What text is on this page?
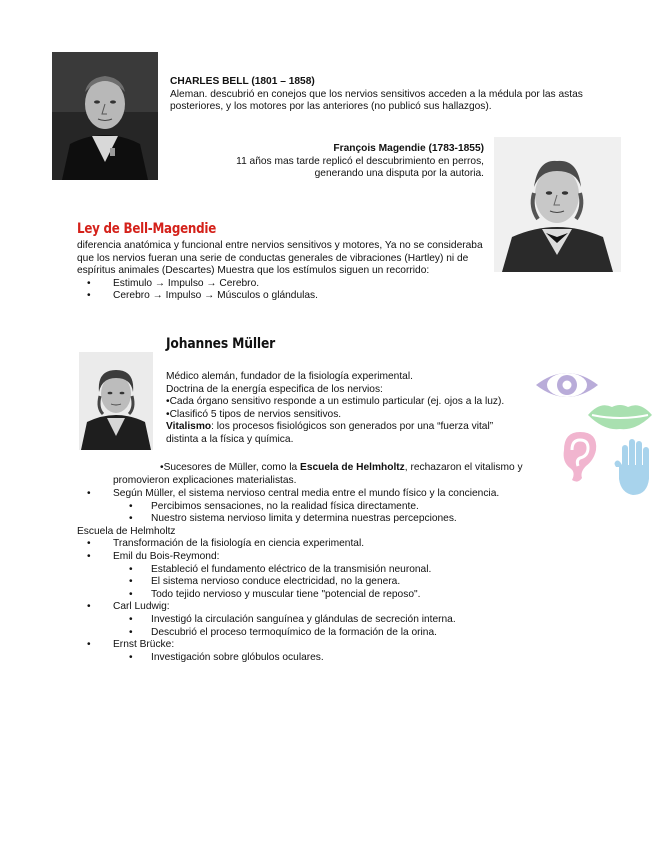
CHARLES BELL (1801 – 1858)

Aleman. descubrió en conejos que los nervios sensitivos acceden a la médula por las astas posteriores, y los motores por las anteriores (no publicó sus hallazgos).

François Magendie (1783-1855)

11 años mas tarde replicó el descubrimiento en perros, generando una disputa por la autoria.

Ley de Bell-Magendie

diferencia anatómica y funcional entre nervios sensitivos y motores, Ya no se consideraba que los nervios fueran una serie de conductas generales de vibraciones (Hartley) ni de espíritus animales (Descartes) Muestra que los estímulos siguen un recorrido:

• Estimulo → Impulso → Cerebro.
• Cerebro → Impulso → Músculos o glándulas.
Johannes Müller

Médico alemán, fundador de la fisiología experimental.

Doctrina de la energía especifica de los nervios:

•Cada órgano sensitivo responde a un estimulo particular (ej. ojos a la luz).

•Clasificó 5 tipos de nervios sensitivos.

Vitalismo: los procesos fisiológicos son generados por una “fuerza vital” distinta a la física y química.

•Sucesores de Müller, como la Escuela de Helmholtz, rechazaron el vitalismo y promovieron explicaciones materialistas.
• Según Müller, el sistema nervioso central media entre el mundo físico y la conciencia.
• Percibimos sensaciones, no la realidad física directamente.
• Nuestro sistema nervioso limita y determina nuestras percepciones.

Escuela de Helmholtz

• Transformación de la fisiología en ciencia experimental.
• Emil du Bois-Reymond:
• Estableció el fundamento eléctrico de la transmisión neuronal.
• El sistema nervioso conduce electricidad, no la genera.
• Todo tejido nervioso y muscular tiene "potencial de reposo".
• Carl Ludwig:
• Investigó la circulación sanguínea y glándulas de secreción interna.
• Descubrió el proceso termoquímico de la formación de la orina.
• Ernst Brücke:
• Investigación sobre glóbulos oculares.
